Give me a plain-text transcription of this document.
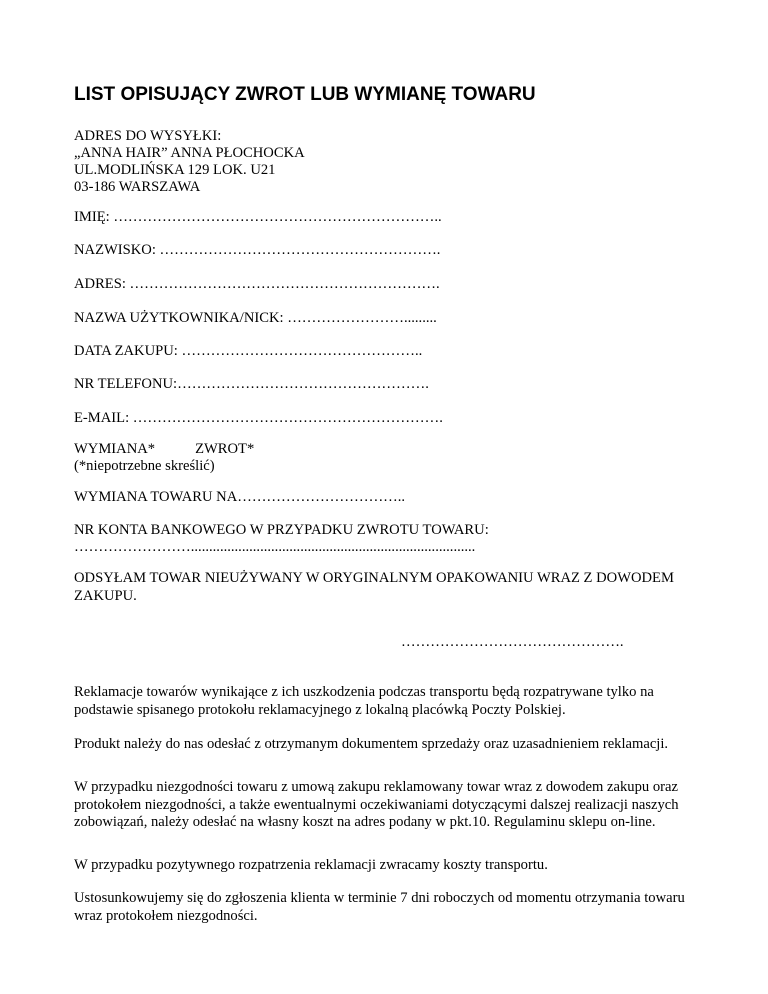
LIST OPISUJĄCY ZWROT LUB WYMIANĘ TOWARU
ADRES DO WYSYŁKI:
„ANNA HAIR” ANNA PŁOCHOCKA
UL.MODLIŃSKA 129 LOK. U21
03-186 WARSZAWA
IMIĘ: …………………………………………………………..
NAZWISKO: ………………………………………………….
ADRES: ……………………………………………………….
NAZWA UŻYTKOWNIKA/NICK: …………………….........
DATA ZAKUPU: …………………………………………..
NR TELEFONU:…………………………………………….
E-MAIL: ……………………………………………………….
WYMIANA*	ZWROT*
(*niepotrzebne skreślić)
WYMIANA TOWARU NA……………………………..
NR KONTA BANKOWEGO W PRZYPADKU ZWROTU TOWARU:
……………………..............................................................................
ODSYŁAM TOWAR NIEUŻYWANY W ORYGINALNYM OPAKOWANIU WRAZ Z DOWODEM ZAKUPU.
……………………………………….
Reklamacje towarów wynikające z ich uszkodzenia podczas transportu będą rozpatrywane tylko na podstawie spisanego protokołu reklamacyjnego z lokalną placówką Poczty Polskiej.
Produkt należy do nas odesłać z otrzymanym dokumentem sprzedaży oraz uzasadnieniem reklamacji.
W przypadku niezgodności towaru z umową zakupu reklamowany towar wraz z dowodem zakupu oraz protokołem niezgodności, a także ewentualnymi oczekiwaniami dotyczącymi dalszej realizacji naszych zobowiązań, należy odesłać na własny koszt na adres podany w pkt.10. Regulaminu sklepu on-line.
W przypadku pozytywnego rozpatrzenia reklamacji zwracamy koszty transportu.
Ustosunkowujemy się do zgłoszenia klienta w terminie 7 dni roboczych od momentu otrzymania towaru wraz protokołem niezgodności.
